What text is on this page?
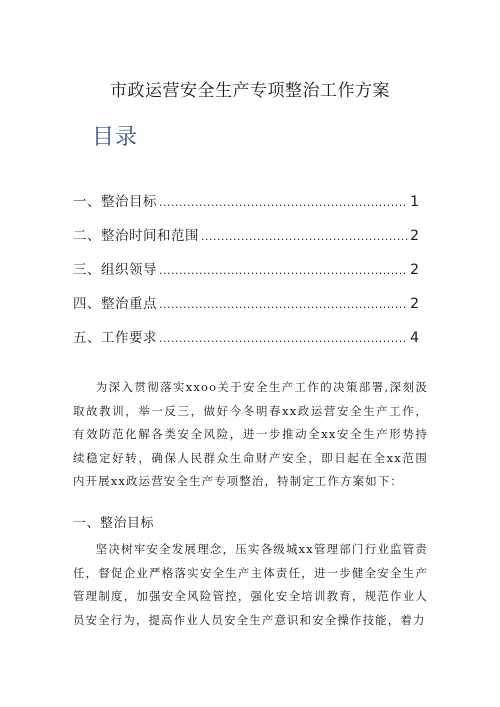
市政运营安全生产专项整治工作方案
目录
一、整治目标 .....	1
二、整治时间和范围 .....	2
三、组织领导 .....	2
四、整治重点 .....	2
五、工作要求 .....	4

为深入贯彻落实xxoo关于安全生产工作的决策部署,深刻汲取故教训，举一反三，做好今冬明春xx政运营安全生产工作，有效防范化解各类安全风险，进一步推动全xx安全生产形势持续稳定好转，确保人民群众生命财产安全，即日起在全xx范围内开展xx政运营安全生产专项整治，特制定工作方案如下：

一、整治目标

坚决树牢安全发展理念，压实各级城xx管理部门行业监管责任，督促企业严格落实安全生产主体责任，进一步健全安全生产管理制度，加强安全风险管控，强化安全培训教育，规范作业人员安全行为，提高作业人员安全生产意识和安全操作技能，着力
